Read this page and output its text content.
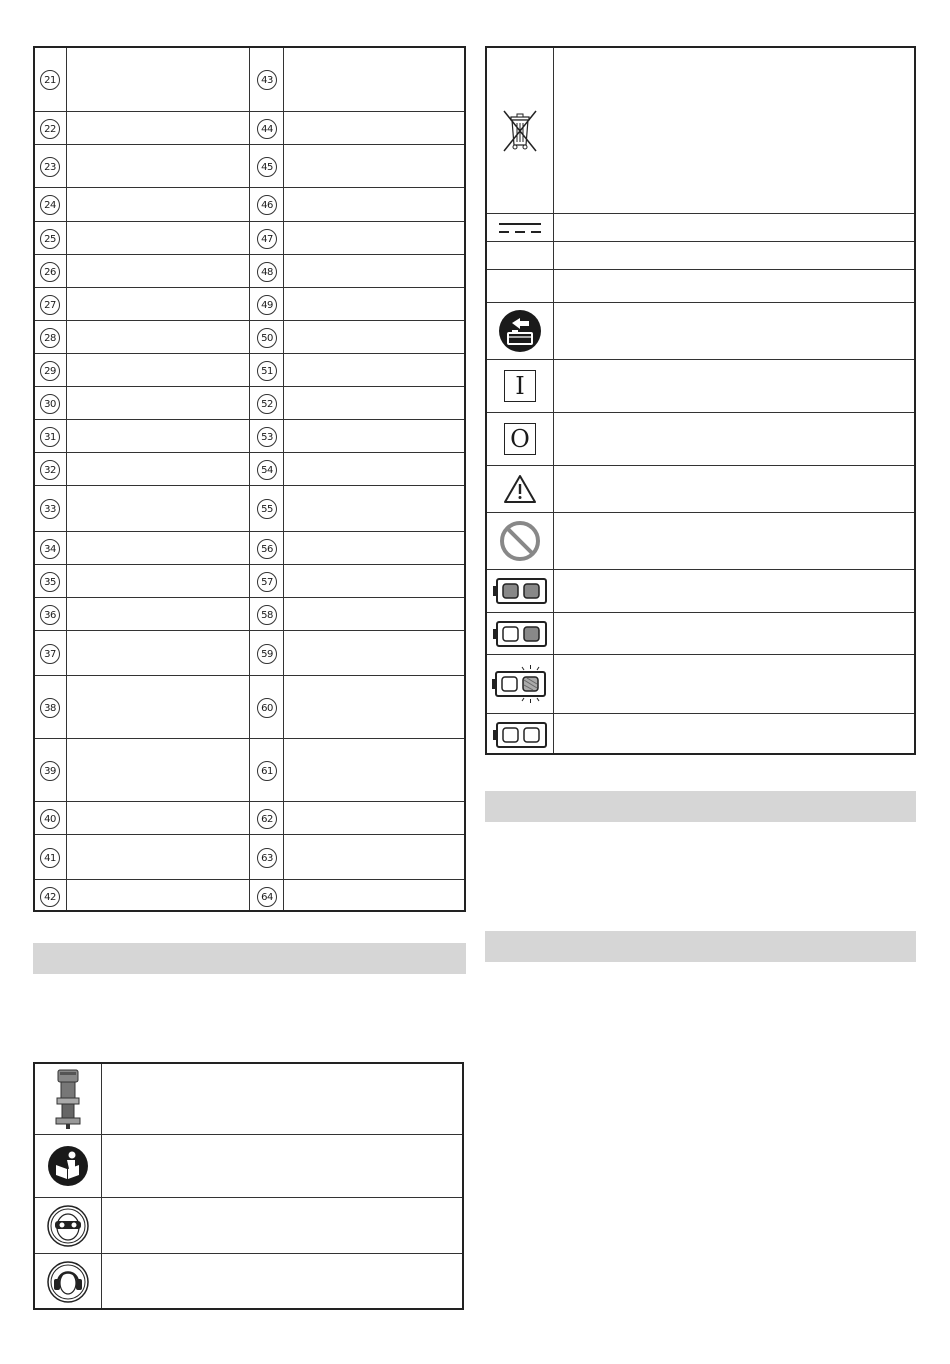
21	43
22	44
23	45
24	46
25	47
26	48
27	49
28	50
29	51
30	52
31	53
32	54
33	55
34	56
35	57
36	58
37	59
38	60
39	61
40	62
41	63
42	64
I
O
